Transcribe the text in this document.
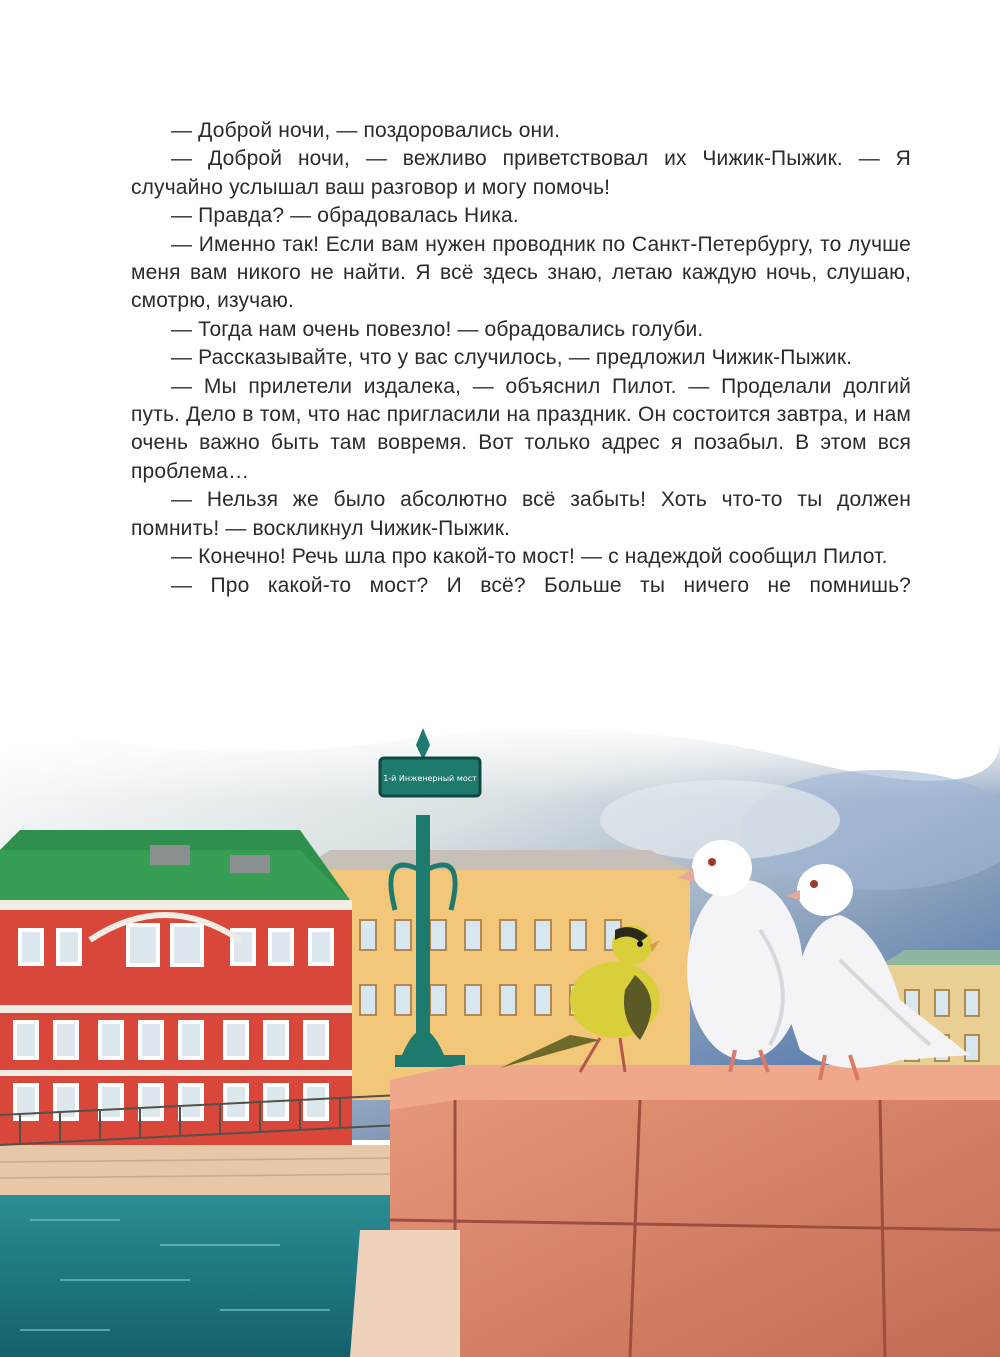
— Доброй ночи, — поздоровались они.

— Доброй ночи, — вежливо приветствовал их Чижик-Пыжик. — Я случайно услышал ваш разговор и могу помочь!

— Правда? — обрадовалась Ника.

— Именно так! Если вам нужен проводник по Санкт-Петербургу, то лучше меня вам никого не найти. Я всё здесь знаю, летаю каждую ночь, слушаю, смотрю, изучаю.

— Тогда нам очень повезло! — обрадовались голуби.

— Рассказывайте, что у вас случилось, — предложил Чижик-Пыжик.

— Мы прилетели издалека, — объяснил Пилот. — Проделали долгий путь. Дело в том, что нас пригласили на праздник. Он состоится завтра, и нам очень важно быть там вовремя. Вот только адрес я позабыл. В этом вся проблема…

— Нельзя же было абсолютно всё забыть! Хоть что-то ты должен помнить! — воскликнул Чижик-Пыжик.

— Конечно! Речь шла про какой-то мост! — с надеждой сообщил Пилот.

— Про какой-то мост? И всё? Больше ты ничего не помнишь?

1-й Инженерный мост
